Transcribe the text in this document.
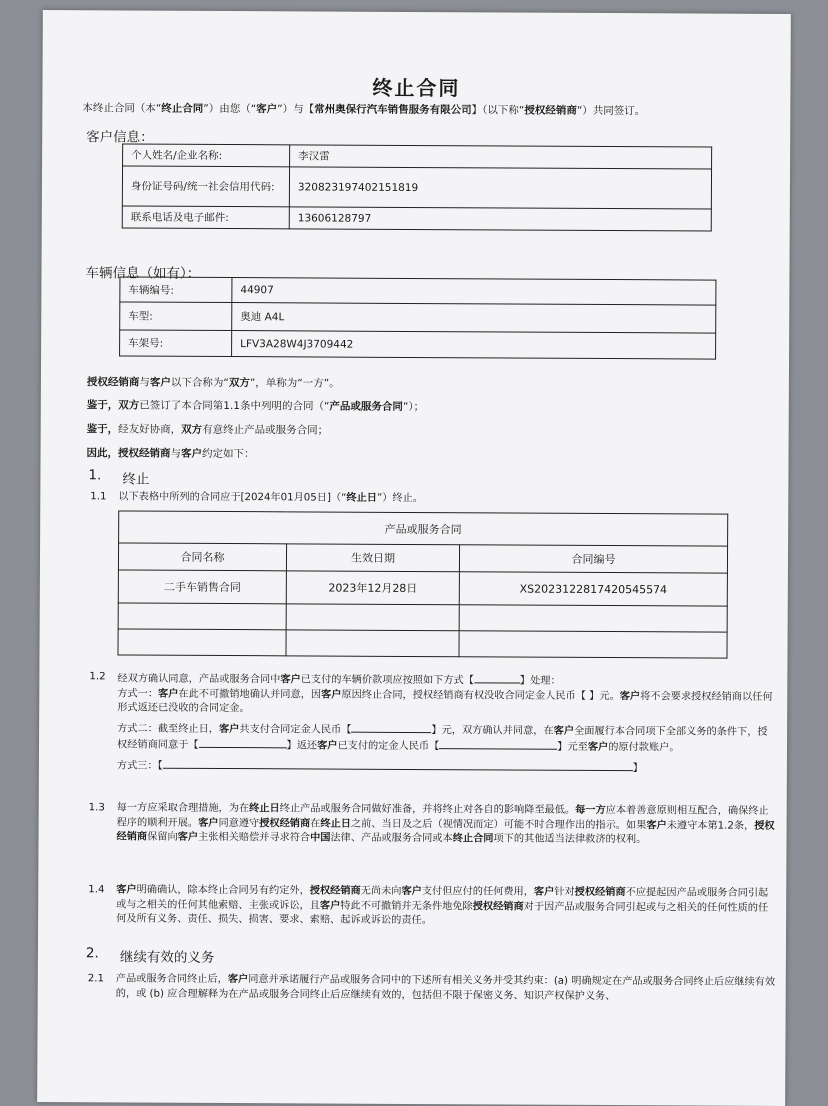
终止合同
本终止合同（本“终止合同”）由您（“客户”）与【常州奥保行汽车销售服务有限公司】（以下称“授权经销商”）共同签订。
客户信息：
个人姓名/企业名称:	李汉雷
身份证号码/统一社会信用代码:	320823197402151819
联系电话及电子邮件:	13606128797
车辆信息（如有）：
车辆编号:	44907
车型:	奥迪 A4L
车架号:	LFV3A28W4J3709442
授权经销商与客户以下合称为“双方”，单称为“一方”。
鉴于，双方已签订了本合同第1.1条中列明的合同（“产品或服务合同”）；
鉴于，经友好协商，双方有意终止产品或服务合同；
因此，授权经销商与客户约定如下：
1. 终止
1.1 以下表格中所列的合同应于[2024年01月05日]（“终止日”）终止。
产品或服务合同		
合同名称	生效日期	合同编号
二手车销售合同	2023年12月28日	XS2023122817420545574

1.2 经双方确认同意，产品或服务合同中客户已支付的车辆价款项应按照如下方式【	】处理：
方式一：客户在此不可撤销地确认并同意，因客户原因终止合同，授权经销商有权没收合同定金人民币【 】元。客户将不会要求授权经销商以任何形式返还已没收的合同定金。
方式二：截至终止日，客户共支付合同定金人民币【	】元，双方确认并同意，在客户全面履行本合同项下全部义务的条件下，授权经销商同意于【	】返还客户已支付的定金人民币【	】元至客户的原付款账户。
方式三：【	】
1.3 每一方应采取合理措施，为在终止日终止产品或服务合同做好准备，并将终止对各自的影响降至最低。每一方应本着善意原则相互配合，确保终止程序的顺利开展。客户同意遵守授权经销商在终止日之前、当日及之后（视情况而定）可能不时合理作出的指示。如果客户未遵守本第1.2条，授权经销商保留向客户主张相关赔偿并寻求符合中国法律、产品或服务合同或本终止合同项下的其他适当法律救济的权利。
1.4 客户明确确认，除本终止合同另有约定外，授权经销商无尚未向客户支付但应付的任何费用，客户针对授权经销商不应提起因产品或服务合同引起或与之相关的任何其他索赔、主张或诉讼，且客户特此不可撤销并无条件地免除授权经销商对于因产品或服务合同引起或与之相关的任何性质的任何及所有义务、责任、损失、损害、要求、索赔、起诉或诉讼的责任。
2. 继续有效的义务
2.1 产品或服务合同终止后，客户同意并承诺履行产品或服务合同中的下述所有相关义务并受其约束：(a) 明确规定在产品或服务合同终止后应继续有效的，或 (b) 应合理解释为在产品或服务合同终止后应继续有效的，包括但不限于保密义务、知识产权保护义务、
